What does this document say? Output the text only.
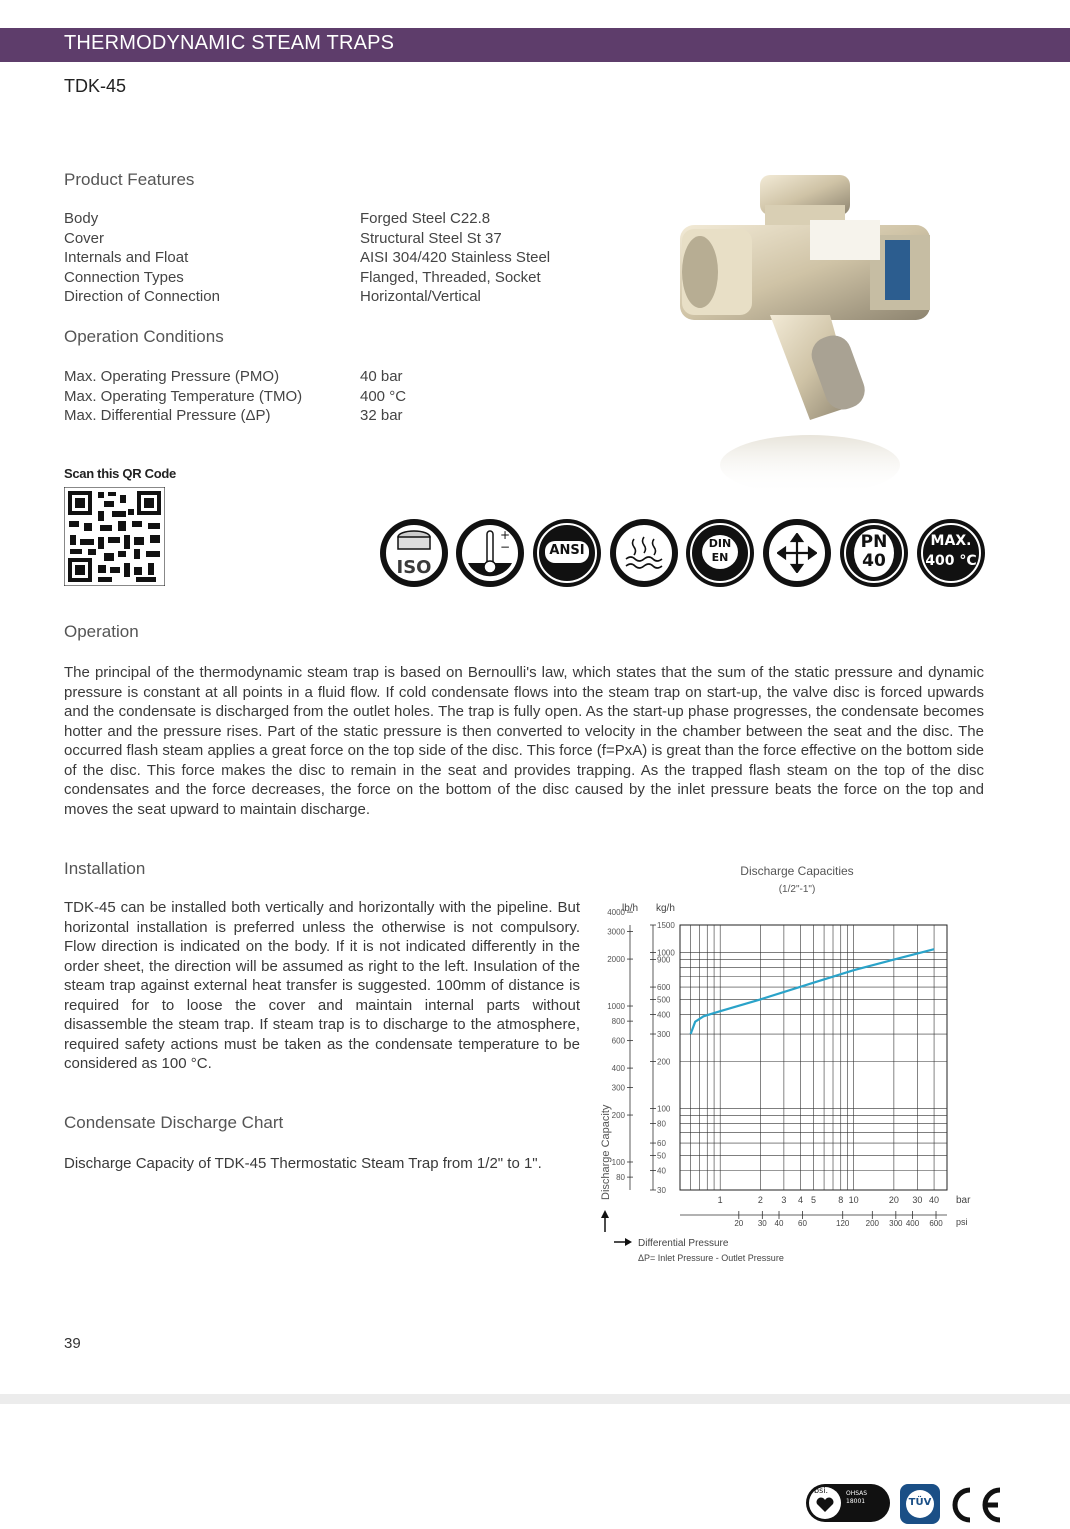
THERMODYNAMIC STEAM TRAPS
TDK-45
Product Features
Body	Forged Steel C22.8
Cover	Structural Steel St 37
Internals and Float	AISI 304/420 Stainless Steel
Connection Types	Flanged, Threaded, Socket
Direction of Connection	Horizontal/Vertical
Operation Conditions
Max. Operating Pressure (PMO)	40 bar
Max. Operating Temperature (TMO)	400 °C
Max. Differential Pressure (ΔP)	32 bar
Scan this QR Code
ISO
+
−	ANSI	DIN
EN
PN
40
MAX.
400 °C
Operation
The principal of the thermodynamic steam trap is based on Bernoulli's law, which states that the sum of the static pressure and dynamic pressure is constant at all points in a fluid flow. If cold condensate flows into the steam trap on start-up, the valve disc is forced upwards and the condensate is discharged from the outlet holes. The trap is fully open. As the start-up phase progresses, the condensate becomes hotter and the pressure rises. Part of the static pressure is then converted to velocity in the chamber between the seat and the disc. The occurred flash steam applies a great force on the top side of the disc. This force (f=PxA) is great than the force effective on the bottom side of the disc. This force makes the disc to remain in the seat and provides trapping. As the trapped flash steam on the top of the disc condensates and the force decreases, the force on the bottom of the disc caused by the inlet pressure beats the force on the top and moves the seat upward to maintain discharge.
Installation
TDK-45 can be installed both vertically and horizontally with the pipeline. But horizontal installation is preferred unless the otherwise is not compulsory. Flow direction is indicated on the body. If it is not indicated differently in the order sheet, the direction will be assumed as right to the left. Insulation of the steam trap against external heat transfer is suggested. 100mm of distance is required for to loose the cover and maintain internal parts without disassemble the steam trap. If steam trap is to discharge to the atmosphere, required safety actions must be taken as the condensate temperature to be considered as 100 °C.
Condensate Discharge Chart
Discharge Capacity of TDK-45 Thermostatic Steam Trap from 1/2" to 1".
Discharge Capacities
(1/2"-1")
lb/h kg/h
1500
1000
900
600
500
400
300
200
100
80
60
50
40
30
4000
3000
2000
1000
800
600
400
300
200
100
80
1	2 3 4 5 8 10	20 30 40
20 30 40 60	120 200 300 400 600
bar
psi
Discharge Capacity
Differential Pressure
ΔP= Inlet Pressure - Outlet Pressure
39
bsi.	OHSAS 18001	TÜV
